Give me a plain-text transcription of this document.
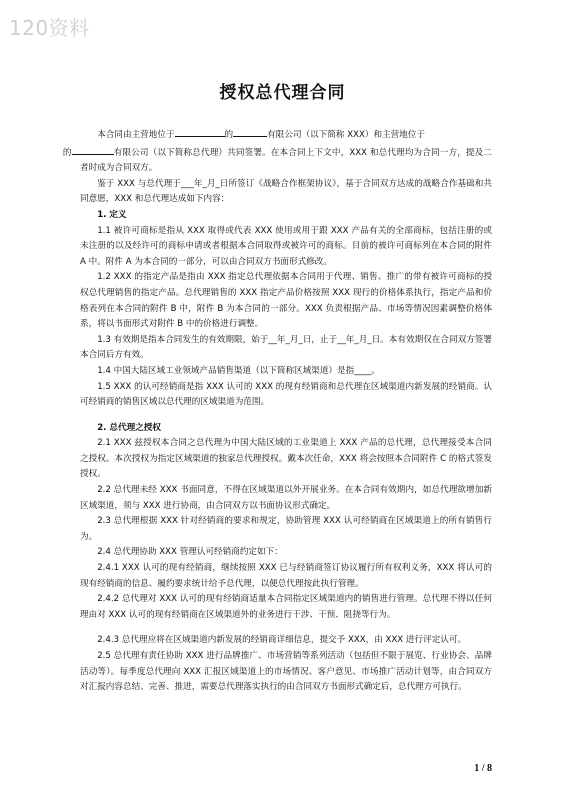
120资料
授权总代理合同

本合同由主营地位于	的	有限公司（以下简称 XXX）和主营地位于
的	有限公司（以下简称总代理）共同签署。在本合同上下文中，XXX 和总代理均为合同一方，提及二者时成为合同双方。

鉴于 XXX 与总代理于___年_月_日所签订《战略合作框架协议》，基于合同双方达成的战略合作基础和共同意愿，XXX 和总代理达成如下内容：

1. 定义

1.1 被许可商标是指从 XXX 取得或代表 XXX 使用或用于跟 XXX 产品有关的全部商标，包括注册的或未注册的以及经许可的商标申请或者根据本合同取得或被许可的商标。目前的被许可商标列在本合同的附件 A 中。附件 A 为本合同的一部分，可以由合同双方书面形式修改。

1.2 XXX 的指定产品是指由 XXX 指定总代理依据本合同用于代理、销售、推广的带有被许可商标的授权总代理销售的指定产品。总代理销售的 XXX 指定产品价格按照 XXX 现行的价格体系执行，指定产品和价格表列在本合同的附件 B 中，附件 B 为本合同的一部分。XXX 负责根据产品、市场等情况因素调整价格体系，将以书面形式对附件 B 中的价格进行调整。

1.3 有效期是指本合同发生的有效期限，始于__年_月_日，止于__年_月_日。本有效期仅在合同双方签署本合同后方有效。

1.4 中国大陆区域工业领域产品销售渠道（以下简称区域渠道）是指____。

1.5 XXX 的认可经销商是指 XXX 认可的 XXX 的现有经销商和总代理在区域渠道内新发展的经销商。认可经销商的销售区域以总代理的区域渠道为范围。

2. 总代理之授权

2.1 XXX 兹授权本合同之总代理为中国大陆区域的工业渠道上 XXX 产品的总代理，总代理接受本合同之授权。本次授权为指定区域渠道的独家总代理授权。戴本次任命，XXX 将会按照本合同附件 C 的格式签发授权。

2.2 总代理未经 XXX 书面同意，不得在区域渠道以外开展业务。在本合同有效期内，如总代理欲增加新区域渠道，须与 XXX 进行协商，由合同双方以书面协议形式确定。

2.3 总代理根据 XXX 针对经销商的要求和规定，协助管理 XXX 认可经销商在区域渠道上的所有销售行为。

2.4 总代理协助 XXX 管理认可经销商约定如下：

2.4.1 XXX 认可的现有经销商，继续按照 XXX 已与经销商签订协议履行所有权利义务，XXX 将认可的现有经销商的信息、履约要求统计给予总代理，以便总代理按此执行管理。

2.4.2 总代理对 XXX 认可的现有经销商适量本合同指定区域渠道内的销售进行管理。总代理不得以任何理由对 XXX 认可的现有经销商在区域渠道外的业务进行干涉、干预、阻挠等行为。

2.4.3 总代理应将在区域渠道内新发展的经销商详细信息，提交予 XXX，由 XXX 进行评定认可。

2.5 总代理有责任协助 XXX 进行品牌推广、市场营销等系列活动（包括但不限于展览、行业协会、品牌活动等）。每季度总代理向 XXX 汇报区域渠道上的市场情况、客户意见、市场推广活动计划等，由合同双方对汇报内容总结、完善、推进，需要总代理落实执行的由合同双方书面形式确定后，总代理方可执行。

1 / 8
